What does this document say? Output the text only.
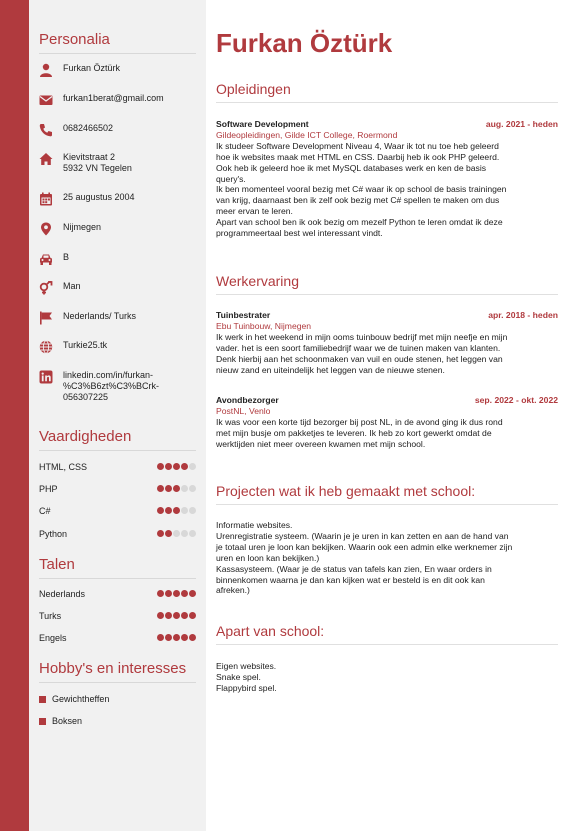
Personalia
Furkan Öztürk
furkan1berat@gmail.com
0682466502
Kievitstraat 2
5932 VN Tegelen
25 augustus 2004
Nijmegen
B
Man
Nederlands/ Turks
Turkie25.tk
linkedin.com/in/furkan-
%C3%B6zt%C3%BCrk-
056307225
Vaardigheden
HTML, CSS
PHP
C#
Python
Talen
Nederlands
Turks
Engels
Hobby's en interesses
Gewichtheffen
Boksen
Furkan Öztürk
Opleidingen
Software Development	aug. 2021 - heden
Gildeopleidingen, Gilde ICT College, Roermond
Ik studeer Software Development Niveau 4, Waar ik tot nu toe heb geleerd
hoe ik websites maak met HTML en CSS. Daarbij heb ik ook PHP geleerd.
Ook heb ik geleerd hoe ik met MySQL databases werk en ken de basis
query's.
Ik ben momenteel vooral bezig met C# waar ik op school de basis trainingen
van krijg, daarnaast ben ik zelf ook bezig met C# spellen te maken om dus
meer ervan te leren.
Apart van school ben ik ook bezig om mezelf Python te leren omdat ik deze
programmeertaal best wel interessant vindt.
Werkervaring
Tuinbestrater	apr. 2018 - heden
Ebu Tuinbouw, Nijmegen
Ik werk in het weekend in mijn ooms tuinbouw bedrijf met mijn neefje en mijn
vader. het is een soort familiebedrijf waar we de tuinen maken van klanten.
Denk hierbij aan het schoonmaken van vuil en oude stenen, het leggen van
nieuw zand en uiteindelijk het leggen van de nieuwe stenen.
Avondbezorger	sep. 2022 - okt. 2022
PostNL, Venlo
Ik was voor een korte tijd bezorger bij post NL, in de avond ging ik dus rond
met mijn busje om pakketjes te leveren. Ik heb zo kort gewerkt omdat de
werktijden niet meer overeen kwamen met mijn school.
Projecten wat ik heb gemaakt met school:
Informatie websites.
Urenregistratie systeem. (Waarin je je uren in kan zetten en aan de hand van
je totaal uren je loon kan bekijken. Waarin ook een admin elke werknemer zijn
uren en loon kan bekijken.)
Kassasysteem. (Waar je de status van tafels kan zien, En waar orders in
binnenkomen waarna je dan kan kijken wat er besteld is en dit ook kan
afreken.)
Apart van school:
Eigen websites.
Snake spel.
Flappybird spel.
